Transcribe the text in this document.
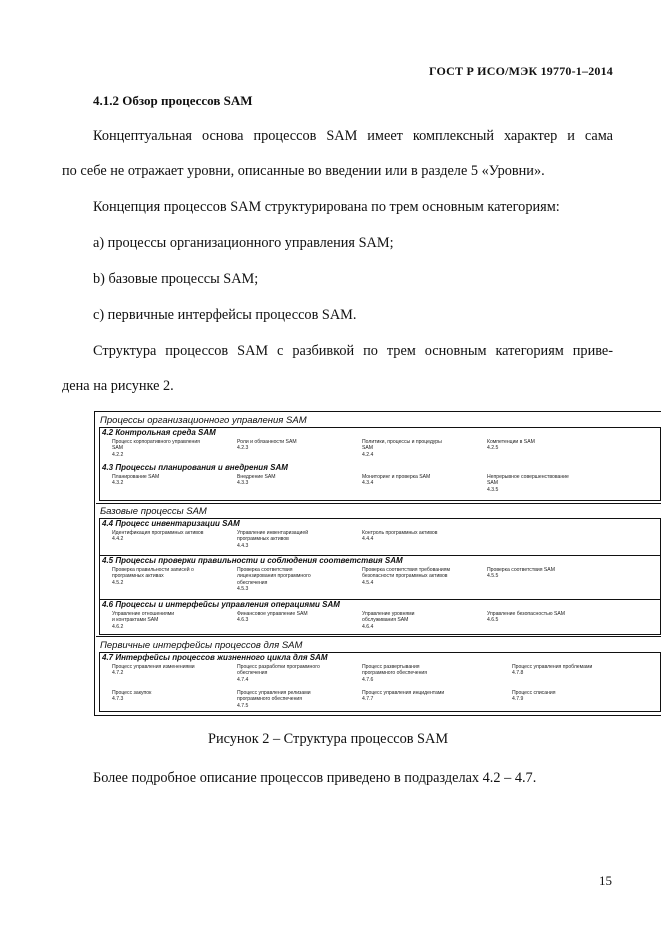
ГОСТ Р ИСО/МЭК 19770-1–2014
4.1.2 Обзор процессов SAM
Концептуальная основа процессов SAM имеет комплексный характер и сама
по себе не отражает уровни, описанные во введении или в разделе 5 «Уровни».
Концепция процессов SAM структурирована по трем основным категориям:
a) процессы организационного управления SAM;
b) базовые процессы SAM;
c) первичные интерфейсы процессов SAM.
Структура процессов SAM с разбивкой по трем основным категориям приве-
дена на рисунке 2.
Процессы организационного управления SAM
4.2 Контрольная среда SAM
Процесс корпоративного управления
SAM
4.2.2
Роли и обязанности SAM
4.2.3
Политики, процессы и процедуры
SAM
4.2.4
Компетенции в SAM
4.2.5
4.3 Процессы планирования и внедрения SAM
Планирование SAM
4.3.2
Внедрение SAM
4.3.3
Мониторинг и проверка SAM
4.3.4
Непрерывное совершенствование
SAM
4.3.5
Базовые процессы SAM
4.4 Процесс инвентаризации SAM
Идентификация программных активов
4.4.2
Управление инвентаризацией
программных активов
4.4.3
Контроль программных активов
4.4.4
4.5 Процессы проверки правильности и соблюдения соответствия SAM
Проверка правильности записей о
программных активах
4.5.2
Проверка соответствия
лицензирования программного
обеспечения
4.5.3
Проверка соответствия требованиям
безопасности программных активов
4.5.4
Проверка соответствия SAM
4.5.5
4.6 Процессы и интерфейсы управления операциями SAM
Управление отношениями
и контрактами SAM
4.6.2
Финансовое управление SAM
4.6.3
Управление уровнями
обслуживания SAM
4.6.4
Управление безопасностью SAM
4.6.5
Первичные интерфейсы процессов для SAM
4.7 Интерфейсы процессов жизненного цикла для SAM
Процесс управления изменениями
4.7.2
Процесс разработки программного
обеспечения
4.7.4
Процесс развертывания
программного обеспечения
4.7.6
Процесс управления проблемами
4.7.8
Процесс закупок
4.7.3
Процесс управления релизами
программного обеспечения
4.7.5
Процесс управления инцидентами
4.7.7
Процесс списания
4.7.9
Рисунок 2 – Структура процессов SAM
Более подробное описание процессов приведено в подразделах 4.2 – 4.7.
15
